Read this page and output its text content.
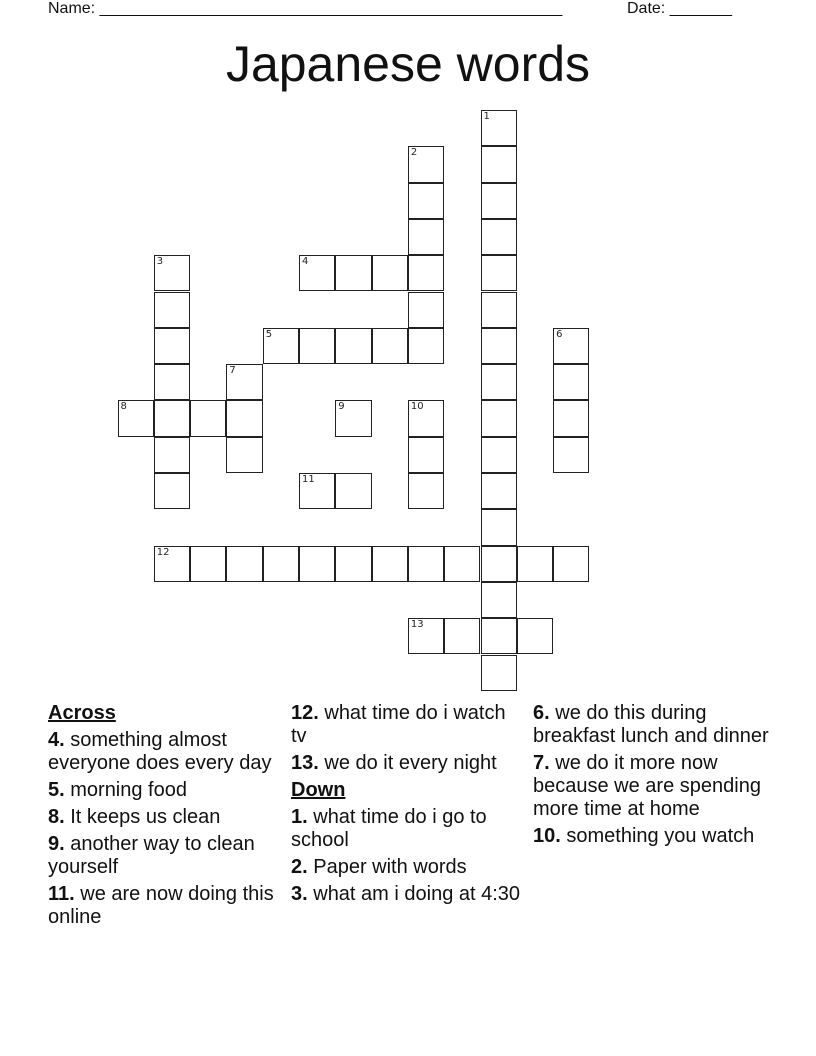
Name: ____________________________________________________	Date: _______
Japanese words
1
2
3	4
5	6
7
8	9	10
11
12
13
Across
4. something almost everyone does every day
5. morning food
8. It keeps us clean
9. another way to clean yourself
11. we are now doing this online
12. what time do i watch tv
13. we do it every night
Down
1. what time do i go to school
2. Paper with words
3. what am i doing at 4:30
6. we do this during breakfast lunch and dinner
7. we do it more now because we are spending more time at home
10. something you watch
